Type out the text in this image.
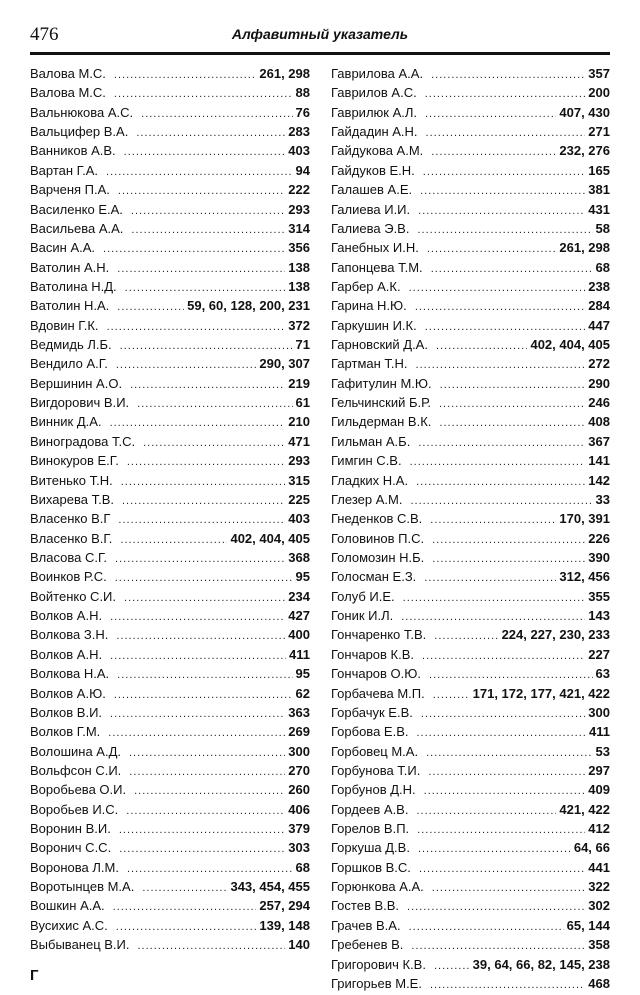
476	Алфавитный указатель
Валова М.С. .....	261, 298
Валова М.С. .....	88
Вальнюкова А.С. .....	76
Вальцифер В.А. .....	283
Ванников А.В. .....	403
Вартан Г.А. .....	94
Варченя П.А. .....	222
Василенко Е.А. .....	293
Васильева А.А. .....	314
Васин А.А. .....	356
Ватолин А.Н. .....	138
Ватолина Н.Д. .....	138
Ватолин Н.А. .....	59, 60, 128, 200, 231
Вдовин Г.К. .....	372
Ведмидь Л.Б. .....	71
Вендило А.Г. .....	290, 307
Вершинин А.О. .....	219
Вигдорович В.И. .....	61
Винник Д.А. .....	210
Виноградова Т.С. .....	471
Винокуров Е.Г. .....	293
Витенько Т.Н. .....	315
Вихарева Т.В. .....	225
Власенко В.Г .....	403
Власенко В.Г. .....	402, 404, 405
Власова С.Г. .....	368
Воинков Р.С. .....	95
Войтенко С.И. .....	234
Волков А.Н. .....	427
Волкова З.Н. .....	400
Волков А.Н. .....	411
Волкова Н.А. .....	95
Волков А.Ю. .....	62
Волков В.И. .....	363
Волков Г.М. .....	269
Волошина А.Д. .....	300
Вольфсон С.И. .....	270
Воробьева О.И. .....	260
Воробьев И.С. .....	406
Воронин В.И. .....	379
Воронич С.С. .....	303
Воронова Л.М. .....	68
Воротынцев М.А. .....	343, 454, 455
Вошкин А.А. .....	257, 294
Вусихис А.С. .....	139, 148
Выбыванец В.И. .....	140
Г
Гаврилова А.А. .....	357
Гаврилов А.С. .....	200
Гаврилюк А.Л. .....	407, 430
Гайдадин А.Н. .....	271
Гайдукова А.М. .....	232, 276
Гайдуков Е.Н. .....	165
Галашев А.Е. .....	381
Галиева И.И. .....	431
Галиева Э.В. .....	58
Ганебных И.Н. .....	261, 298
Гапонцева Т.М. .....	68
Гарбер А.К. .....	238
Гарина Н.Ю. .....	284
Гаркушин И.К. .....	447
Гарновский Д.А. .....	402, 404, 405
Гартман Т.Н. .....	272
Гафитулин М.Ю. .....	290
Гельчинский Б.Р. .....	246
Гильдерман В.К. .....	408
Гильман А.Б. .....	367
Гимгин С.В. .....	141
Гладких Н.А. .....	142
Глезер А.М. .....	33
Гнеденков С.В. .....	170, 391
Головинов П.С. .....	226
Голомозин Н.Б. .....	390
Голосман Е.З. .....	312, 456
Голуб И.Е. .....	355
Гоник И.Л. .....	143
Гончаренко Т.В. .....	224, 227, 230, 233
Гончаров К.В. .....	227
Гончаров О.Ю. .....	63
Горбачева М.П. .....	171, 172, 177, 421, 422
Горбачук Е.В. .....	300
Горбова Е.В. .....	411
Горбовец М.А. .....	53
Горбунова Т.И. .....	297
Горбунов Д.Н. .....	409
Гордеев А.В. .....	421, 422
Горелов В.П. .....	412
Горкуша Д.В. .....	64, 66
Горшков В.С. .....	441
Горюнкова А.А. .....	322
Гостев В.В. .....	302
Грачев В.А. .....	65, 144
Гребенев В. .....	358
Григорович К.В. .....	39, 64, 66, 82, 145, 238
Григорьев М.Е. .....	468
